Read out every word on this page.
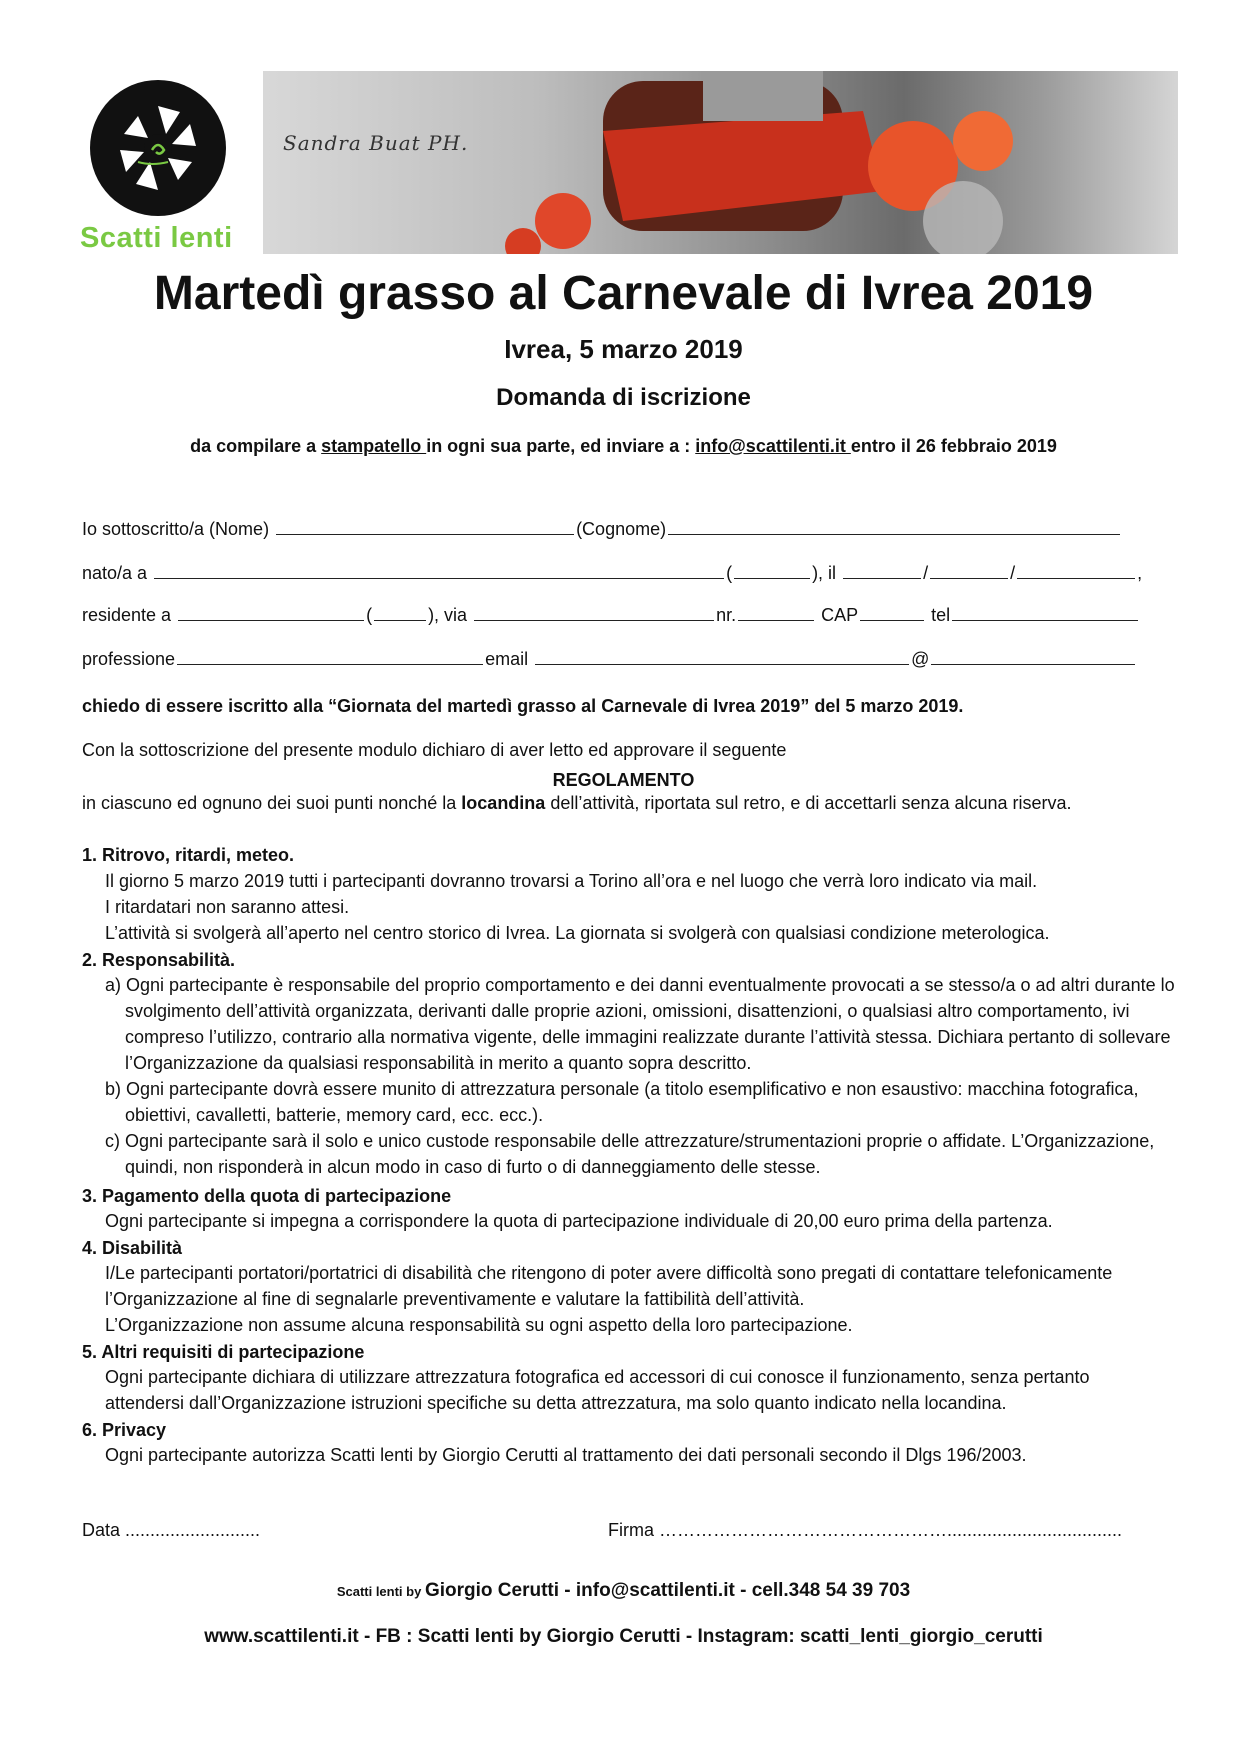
Scatti lenti
Sandra Buat PH.
Martedì grasso al Carnevale di Ivrea 2019
Ivrea, 5 marzo 2019
Domanda di iscrizione
da compilare a stampatello in ogni sua parte, ed inviare a : info@scattilenti.it entro il 26 febbraio 2019
Io sottoscritto/a (Nome)	(Cognome)
nato/a a	(	), il	/	/	,
residente a	(	), via	nr.	CAP	tel
professione	email	@
chiedo di essere iscritto alla “Giornata del martedì grasso al Carnevale di Ivrea 2019” del 5 marzo 2019.
Con la sottoscrizione del presente modulo dichiaro di aver letto ed approvare il seguente
REGOLAMENTO
in ciascuno ed ognuno dei suoi punti nonché la locandina dell’attività, riportata sul retro, e di accettarli senza alcuna riserva.
1. Ritrovo, ritardi, meteo.
Il giorno 5 marzo 2019 tutti i partecipanti dovranno trovarsi a Torino all’ora e nel luogo che verrà loro indicato via mail.
I ritardatari non saranno attesi.
L’attività si svolgerà all’aperto nel centro storico di Ivrea. La giornata si svolgerà con qualsiasi condizione meterologica.
2. Responsabilità.
a) Ogni partecipante è responsabile del proprio comportamento e dei danni eventualmente provocati a se stesso/a o ad altri durante lo svolgimento dell’attività organizzata, derivanti dalle proprie azioni, omissioni, disattenzioni, o qualsiasi altro comportamento, ivi compreso l’utilizzo, contrario alla normativa vigente, delle immagini realizzate durante l’attività stessa. Dichiara pertanto di sollevare l’Organizzazione da qualsiasi responsabilità in merito a quanto sopra descritto.
b) Ogni partecipante dovrà essere munito di attrezzatura personale (a titolo esemplificativo e non esaustivo: macchina fotografica, obiettivi, cavalletti, batterie, memory card, ecc. ecc.).
c) Ogni partecipante sarà il solo e unico custode responsabile delle attrezzature/strumentazioni proprie o affidate. L’Organizzazione, quindi, non risponderà in alcun modo in caso di furto o di danneggiamento delle stesse.
3. Pagamento della quota di partecipazione
Ogni partecipante si impegna a corrispondere la quota di partecipazione individuale di 20,00 euro prima della partenza.
4. Disabilità
I/Le partecipanti portatori/portatrici di disabilità che ritengono di poter avere difficoltà sono pregati di contattare telefonicamente l’Organizzazione al fine di segnalarle preventivamente e valutare la fattibilità dell’attività.
L’Organizzazione non assume alcuna responsabilità su ogni aspetto della loro partecipazione.
5. Altri requisiti di partecipazione
Ogni partecipante dichiara di utilizzare attrezzatura fotografica ed accessori di cui conosce il funzionamento, senza pertanto attendersi dall’Organizzazione istruzioni specifiche su detta attrezzatura, ma solo quanto indicato nella locandina.
6. Privacy
Ogni partecipante autorizza Scatti lenti by Giorgio Cerutti al trattamento dei dati personali secondo il Dlgs 196/2003.
Data ...........................	Firma …………………………………………...................................
Scatti lenti by Giorgio Cerutti - info@scattilenti.it - cell.348 54 39 703
www.scattilenti.it - FB : Scatti lenti by Giorgio Cerutti - Instagram: scatti_lenti_giorgio_cerutti
